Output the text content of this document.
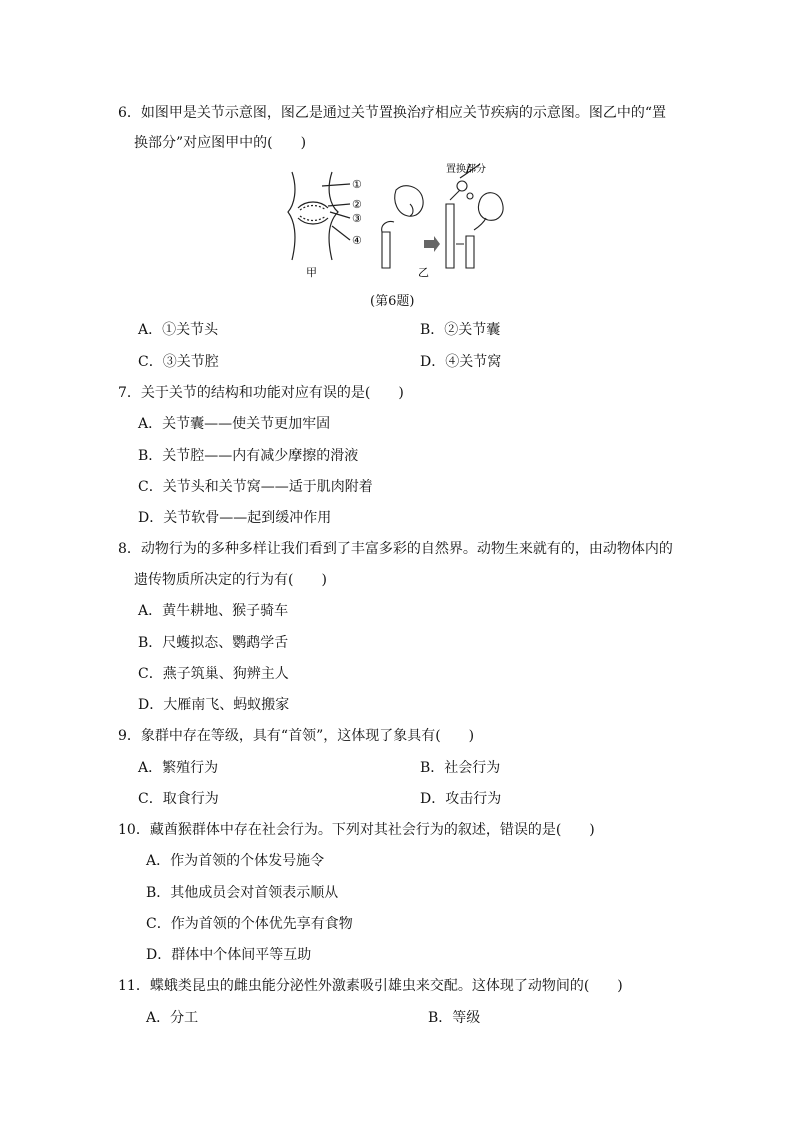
6．如图甲是关节示意图，图乙是通过关节置换治疗相应关节疾病的示意图。图乙中的“置
换部分”对应图甲中的(　　)
①
②
③
④
甲
置换部分
乙
(第6题)
A．①关节头	B．②关节囊
C．③关节腔	D．④关节窝
7．关于关节的结构和功能对应有误的是(　　)
A．关节囊——使关节更加牢固
B．关节腔——内有减少摩擦的滑液
C．关节头和关节窝——适于肌肉附着
D．关节软骨——起到缓冲作用
8．动物行为的多种多样让我们看到了丰富多彩的自然界。动物生来就有的，由动物体内的
遗传物质所决定的行为有(　　)
A．黄牛耕地、猴子骑车
B．尺蠖拟态、鹦鹉学舌
C．燕子筑巢、狗辨主人
D．大雁南飞、蚂蚁搬家
9．象群中存在等级，具有“首领”，这体现了象具有(　　)
A．繁殖行为	B．社会行为
C．取食行为	D．攻击行为
10．藏酋猴群体中存在社会行为。下列对其社会行为的叙述，错误的是(　　)
A．作为首领的个体发号施令
B．其他成员会对首领表示顺从
C．作为首领的个体优先享有食物
D．群体中个体间平等互助
11．蝶蛾类昆虫的雌虫能分泌性外激素吸引雄虫来交配。这体现了动物间的(　　)
A．分工	B．等级
